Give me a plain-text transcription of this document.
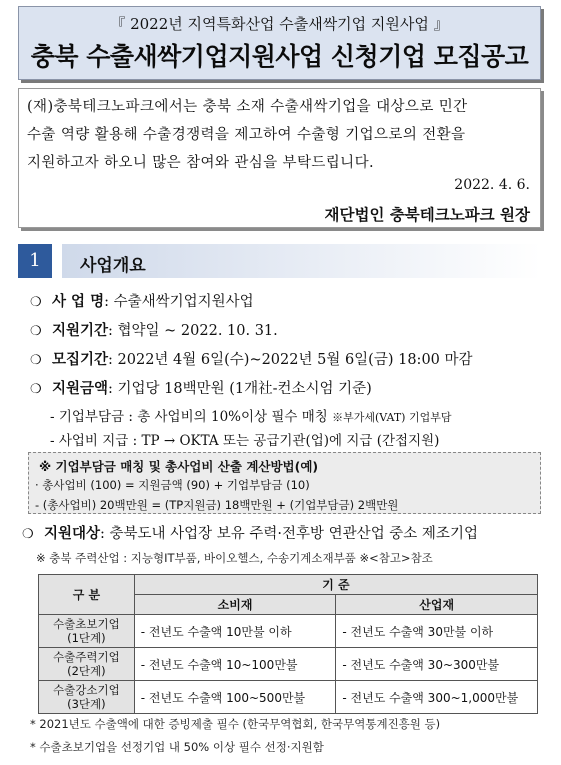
『 2022년 지역특화산업 수출새싹기업 지원사업 』
충북 수출새싹기업지원사업 신청기업 모집공고
(재)충북테크노파크에서는 충북 소재 수출새싹기업을 대상으로 민간
수출 역량 활용해 수출경쟁력을 제고하여 수출형 기업으로의 전환을
지원하고자 하오니 많은 참여와 관심을 부탁드립니다.
2022. 4. 6.
재단법인 충북테크노파크 원장
1	사업개요
❍ 사 업 명: 수출새싹기업지원사업
❍ 지원기간: 협약일 ~ 2022. 10. 31.
❍ 모집기간: 2022년 4월 6일(수)~2022년 5월 6일(금) 18:00 마감
❍ 지원금액: 기업당 18백만원 (1개社-컨소시엄 기준)
- 기업부담금 : 총 사업비의 10%이상 필수 매칭 ※부가세(VAT) 기업부담
- 사업비 지급 : TP → OKTA 또는 공급기관(업)에 지급 (간접지원)
※ 기업부담금 매칭 및 총사업비 산출 계산방법(예)
· 총사업비 (100) = 지원금액 (90) + 기업부담금 (10)
- (총사업비) 20백만원 = (TP지원금) 18백만원 + (기업부담금) 2백만원
❍ 지원대상: 충북도내 사업장 보유 주력·전후방 연관산업 중소 제조기업
※ 충북 주력산업 : 지능형IT부품, 바이오헬스, 수송기계소재부품 ※<참고>참조
구 분	기 준	
	소비재	산업재
수출초보기업
(1단계)	- 전년도 수출액 10만불 이하	- 전년도 수출액 30만불 이하
수출주력기업
(2단계)	- 전년도 수출액 10~100만불	- 전년도 수출액 30~300만불
수출강소기업
(3단계)	- 전년도 수출액 100~500만불	- 전년도 수출액 300~1,000만불
* 2021년도 수출액에 대한 증빙제출 필수 (한국무역협회, 한국무역통계진흥원 등)
* 수출초보기업을 선정기업 내 50% 이상 필수 선정·지원함
